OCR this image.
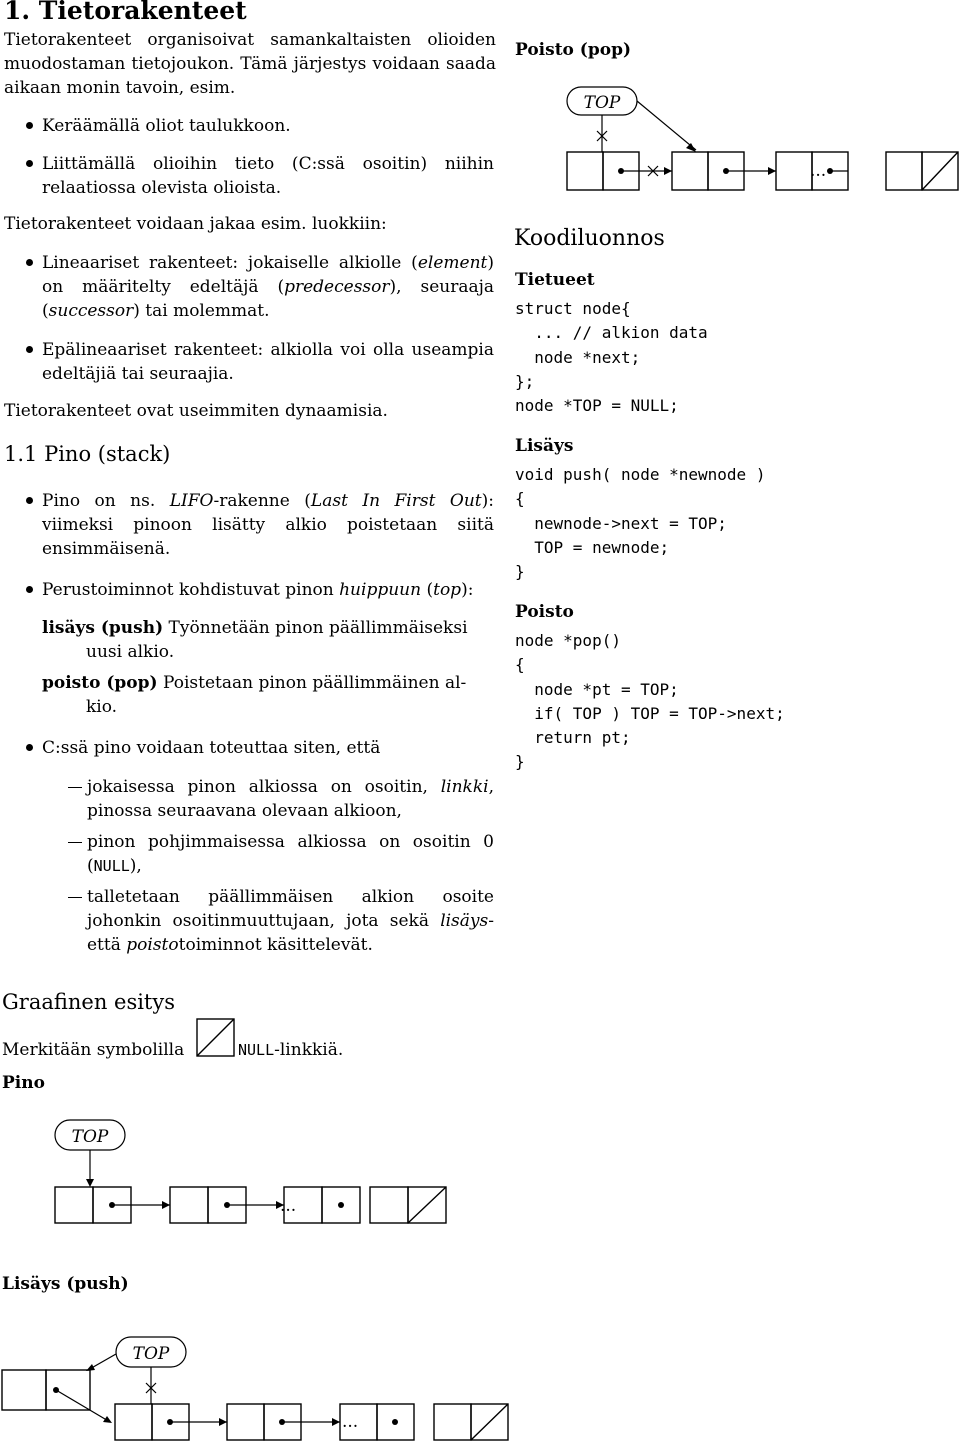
1. Tietorakenteet

Tietorakenteet organisoivat samankaltaisten olioiden muodostaman tietojoukon. Tämä järjestys voidaan saada aikaan monin tavoin, esim.

Keräämällä oliot taulukkoon.

Liittämällä olioihin tieto (C:ssä osoitin) niihin relaatiossa olevista olioista.

Tietorakenteet voidaan jakaa esim. luokkiin:

Lineaariset rakenteet: jokaiselle alkiolle (element) on määritelty edeltäjä (predecessor), seuraaja (successor) tai molemmat.

Epälineaariset rakenteet: alkiolla voi olla useampia edeltäjiä tai seuraajia.

Tietorakenteet ovat useimmiten dynaamisia.

1.1 Pino (stack)

Pino on ns. LIFO-rakenne (Last In First Out): viimeksi pinoon lisätty alkio poistetaan siitä ensimmäisenä.

Perustoiminnot kohdistuvat pinon huippuun (top):

lisäys (push) Työnnetään pinon päällimmäiseksi

uusi alkio.

poisto (pop) Poistetaan pinon päällimmäinen al-

kio.

C:ssä pino voidaan toteuttaa siten, että

jokaisessa pinon alkiossa on osoitin, linkki, pinossa seuraavana olevaan alkioon,

pinon pohjimmaisessa alkiossa on osoitin 0 (NULL),

talletetaan päällimmäisen alkion osoite johonkin osoitinmuuttujaan, jota sekä lisäys- että poistotoiminnot käsittelevät.

Graafinen esitys

Merkitään symbolilla	NULL-linkkiä.

Pino

Lisäys (push)

Poisto (pop)

Koodiluonnos

Tietueet

struct node{
... // alkion data
node *next;
};
node *TOP = NULL;

Lisäys

void push( node *newnode )
{
newnode->next = TOP;
TOP = newnode;
}

Poisto

node *pop()
{
node *pt = TOP;
if( TOP ) TOP = TOP->next;
return pt;
}
TOP
...
TOP
...
TOP
...
